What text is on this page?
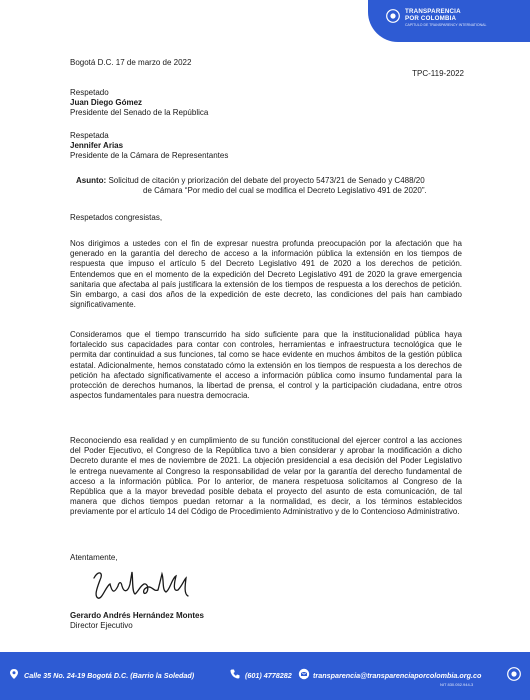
TRANSPARENCIA
POR COLOMBIA
CAPÍTULO DE TRANSPARENCY INTERNATIONAL
Bogotá D.C. 17 de marzo de 2022
TPC-119-2022
Respetado
Juan Diego Gómez
Presidente del Senado de la República
Respetada
Jennifer Arias
Presidente de la Cámara de Representantes
Asunto: Solicitud de citación y priorización del debate del proyecto 5473/21 de Senado y C488/20
de Cámara “Por medio del cual se modifica el Decreto Legislativo 491 de 2020”.
Respetados congresistas,
Nos dirigimos a ustedes con el fin de expresar nuestra profunda preocupación por la afectación que ha generado en la garantía del derecho de acceso a la información pública la extensión en los tiempos de respuesta que impuso el artículo 5 del Decreto Legislativo 491 de 2020 a los derechos de petición. Entendemos que en el momento de la expedición del Decreto Legislativo 491 de 2020 la grave emergencia sanitaria que afectaba al país justificara la extensión de los tiempos de respuesta a los derechos de petición. Sin embargo, a casi dos años de la expedición de este decreto, las condiciones del país han cambiado significativamente.
Consideramos que el tiempo transcurrido ha sido suficiente para que la institucionalidad pública haya fortalecido sus capacidades para contar con controles, herramientas e infraestructura tecnológica que le permita dar continuidad a sus funciones, tal como se hace evidente en muchos ámbitos de la gestión pública estatal. Adicionalmente, hemos constatado cómo la extensión en los tiempos de respuesta a los derechos de petición ha afectado significativamente el acceso a información pública como insumo fundamental para la protección de derechos humanos, la libertad de prensa, el control y la participación ciudadana, entre otros aspectos fundamentales para nuestra democracia.
Reconociendo esa realidad y en cumplimiento de su función constitucional del ejercer control a las acciones del Poder Ejecutivo, el Congreso de la República tuvo a bien considerar y aprobar la modificación a dicho Decreto durante el mes de noviembre de 2021. La objeción presidencial a esa decisión del Poder Legislativo le entrega nuevamente al Congreso la responsabilidad de velar por la garantía del derecho fundamental de acceso a la información pública. Por lo anterior, de manera respetuosa solicitamos al Congreso de la República que a la mayor brevedad posible debata el proyecto del asunto de esta comunicación, de tal manera que dichos tiempos puedan retornar a la normalidad, es decir, a los términos establecidos previamente por el artículo 14 del Código de Procedimiento Administrativo y de lo Contencioso Administrativo.
Atentamente,
Gerardo Andrés Hernández Montes
Director Ejecutivo
Calle 35 No. 24-19 Bogotá D.C. (Barrio la Soledad)	(601) 4778282	transparencia@transparenciaporcolombia.org.co
NIT 830.052.944-3
